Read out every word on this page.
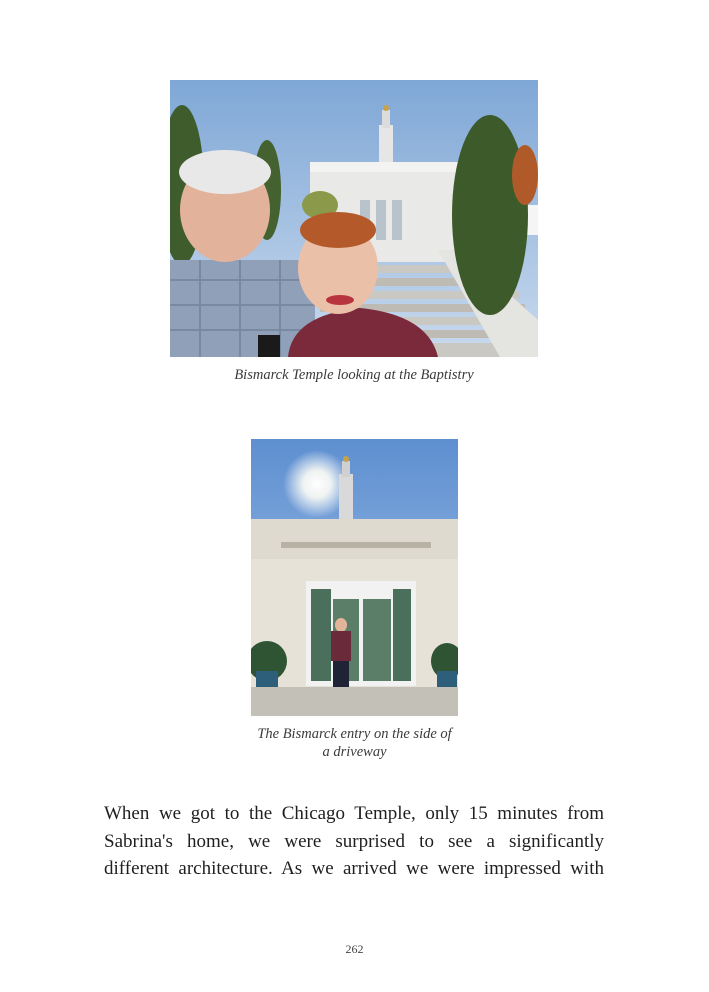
Bismarck Temple looking at the Baptistry
The Bismarck entry on the side of
a driveway
When we got to the Chicago Temple, only 15 minutes from
Sabrina's home, we were surprised to see a significantly
different architecture. As we arrived we were impressed with
262
